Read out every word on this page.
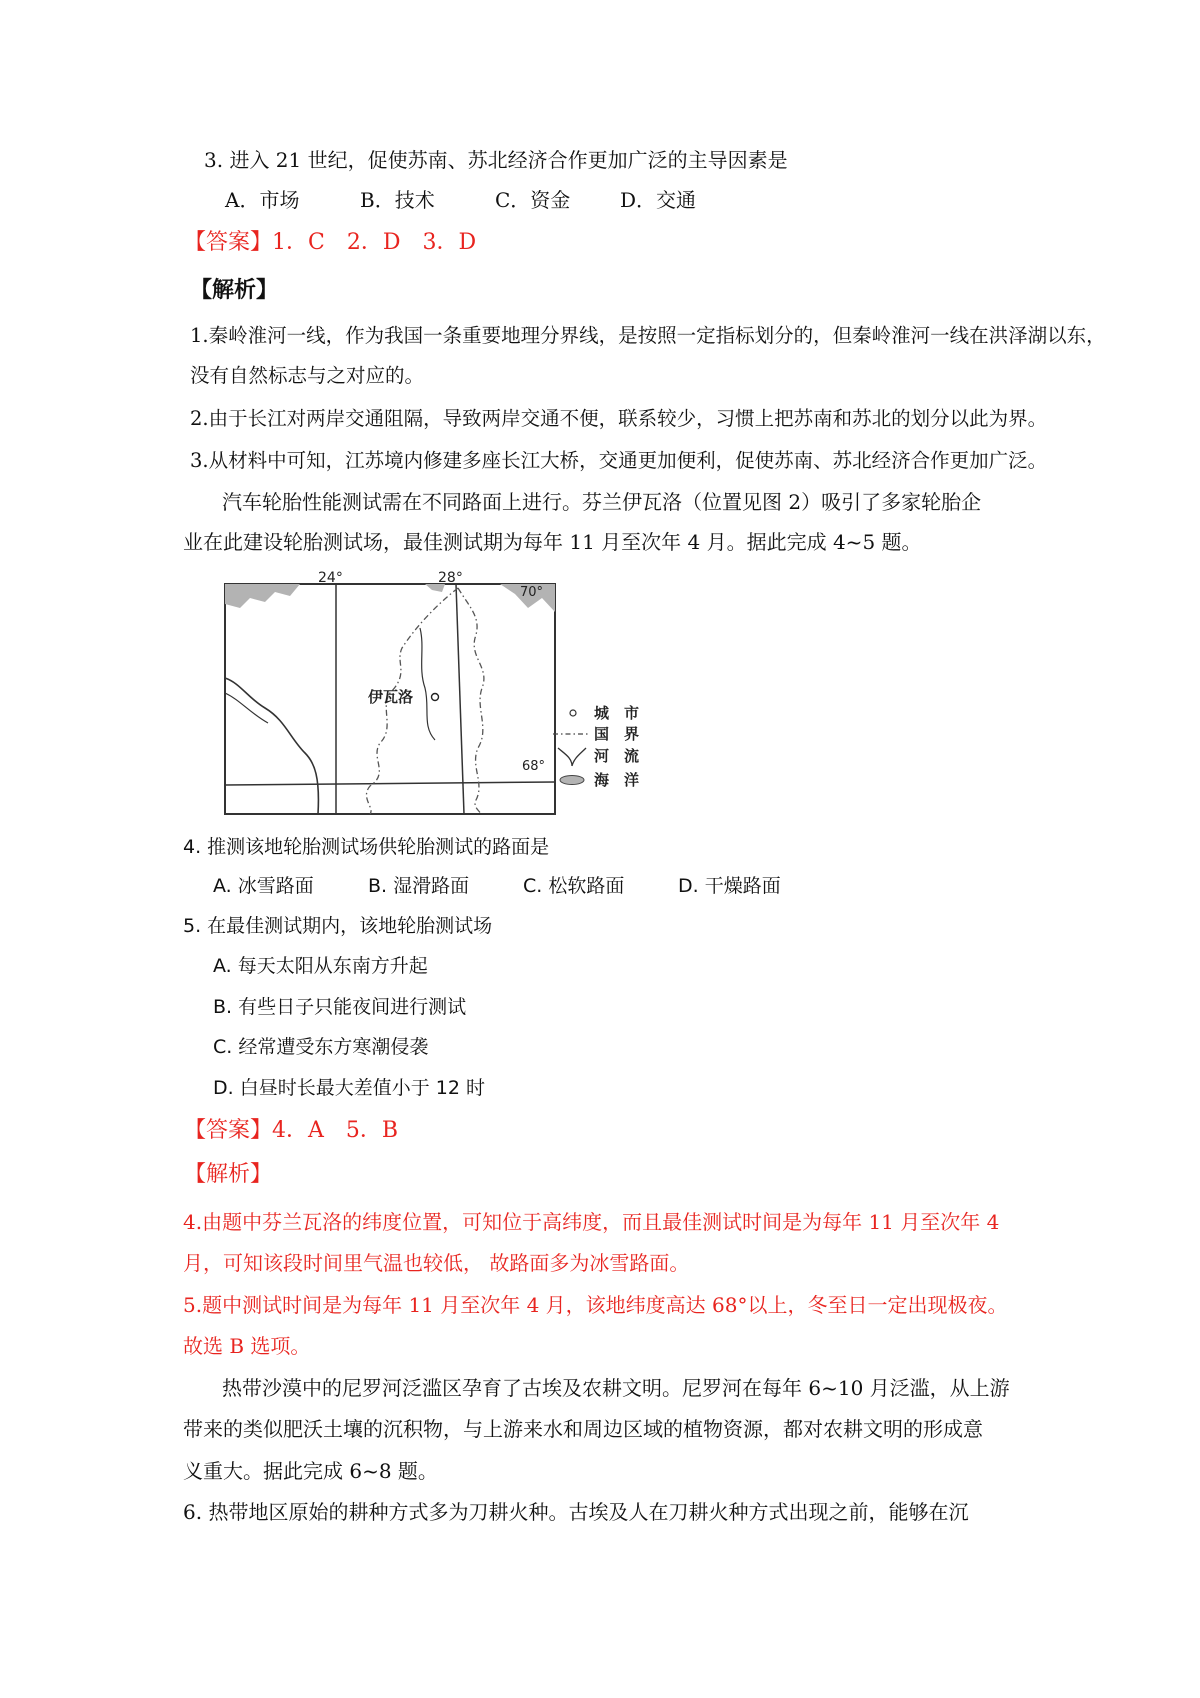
3. 进入 21 世纪，促使苏南、苏北经济合作更加广泛的主导因素是
A．市场	B．技术	C．资金 D．交通
【答案】1．C　2．D　3．D
【解析】
1.秦岭淮河一线，作为我国一条重要地理分界线，是按照一定指标划分的，但秦岭淮河一线在洪泽湖以东，
没有自然标志与之对应的。
2.由于长江对两岸交通阻隔，导致两岸交通不便，联系较少，习惯上把苏南和苏北的划分以此为界。
3.从材料中可知，江苏境内修建多座长江大桥，交通更加便利，促使苏南、苏北经济合作更加广泛。
汽车轮胎性能测试需在不同路面上进行。芬兰伊瓦洛（位置见图 2）吸引了多家轮胎企
业在此建设轮胎测试场，最佳测试期为每年 11 月至次年 4 月。据此完成 4~5 题。
24°	28°
70°
68°
伊瓦洛
城　市
国　界
河　流
海　洋
4. 推测该地轮胎测试场供轮胎测试的路面是
A. 冰雪路面	B. 湿滑路面	C. 松软路面	D. 干燥路面
5. 在最佳测试期内，该地轮胎测试场
A. 每天太阳从东南方升起
B. 有些日子只能夜间进行测试
C. 经常遭受东方寒潮侵袭
D. 白昼时长最大差值小于 12 时
【答案】4．A　5．B
【解析】
4.由题中芬兰瓦洛的纬度位置，可知位于高纬度，而且最佳测试时间是为每年 11 月至次年 4
月，可知该段时间里气温也较低， 故路面多为冰雪路面。
5.题中测试时间是为每年 11 月至次年 4 月，该地纬度高达 68°以上，冬至日一定出现极夜。
故选 B 选项。
热带沙漠中的尼罗河泛滥区孕育了古埃及农耕文明。尼罗河在每年 6~10 月泛滥，从上游
带来的类似肥沃土壤的沉积物，与上游来水和周边区域的植物资源，都对农耕文明的形成意
义重大。据此完成 6~8 题。
6. 热带地区原始的耕种方式多为刀耕火种。古埃及人在刀耕火种方式出现之前，能够在沉
